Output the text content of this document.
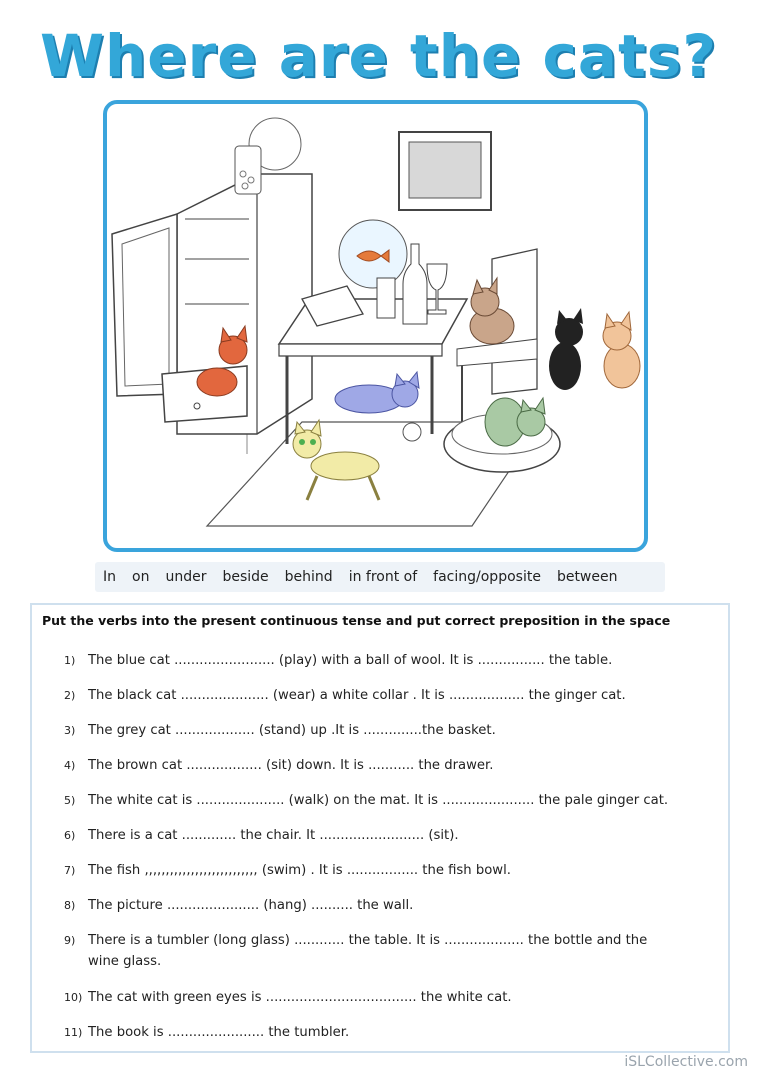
Where are the cats?
In on under beside behind in front of facing/opposite between
Put the verbs into the present continuous tense and put correct preposition in the space
1) The blue cat ........................ (play) with a ball of wool. It is ................ the table.
2) The black cat ..................... (wear) a white collar . It is .................. the ginger cat.
3) The grey cat ................... (stand) up .It is ..............the basket.
4) The brown cat .................. (sit) down. It is ........... the drawer.
5) The white cat is ..................... (walk) on the mat. It is ...................... the pale ginger cat.
6) There is a cat ............. the chair. It ......................... (sit).
7) The fish ,,,,,,,,,,,,,,,,,,,,,,,,,,, (swim) . It is ................. the fish bowl.
8) The picture ...................... (hang) .......... the wall.
9) There is a tumbler (long glass) ............ the table. It is ................... the bottle and the
wine glass.
10) The cat with green eyes is .................................... the white cat.
11) The book is ....................... the tumbler.
iSLCollective.com
